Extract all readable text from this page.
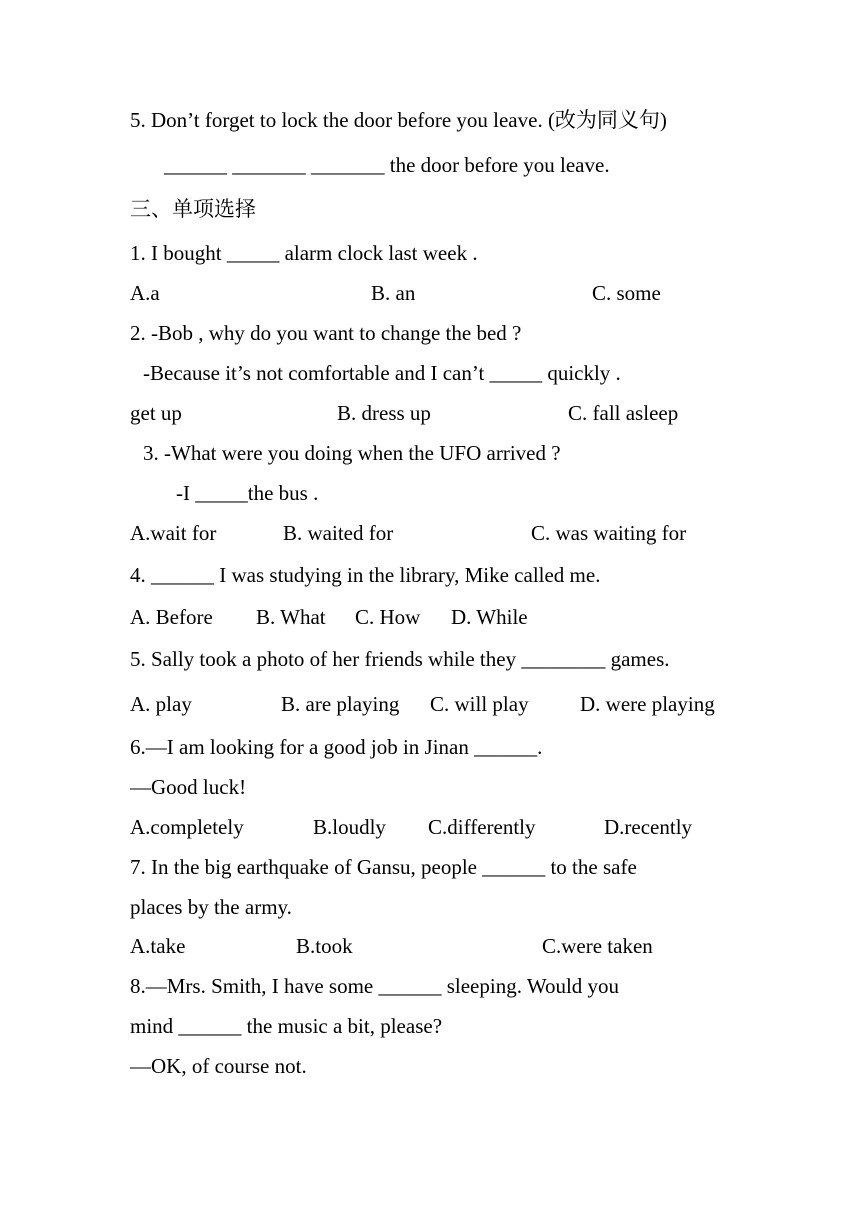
5. Don’t forget to lock the door before you leave. (改为同义句)
______ _______ _______ the door before you leave.
三、单项选择
1. I bought _____ alarm clock last week .
A.a	B. an	C. some
2. -Bob , why do you want to change the bed ?
-Because it’s not comfortable and I can’t _____ quickly .
get up	B. dress up	C. fall asleep
3. -What were you doing when the UFO arrived ?
-I _____the bus .
A.wait for	B. waited for	C. was waiting for
4. ______ I was studying in the library, Mike called me.
A. Before B. What C. How D. While
5. Sally took a photo of her friends while they ________ games.
A. play	B. are playing C. will play D. were playing
6.—I am looking for a good job in Jinan ______.
—Good luck!
A.completely	B.loudly C.differently	D.recently
7. In the big earthquake of Gansu, people ______ to the safe
places by the army.
A.take	B.took	C.were taken
8.—Mrs. Smith, I have some ______ sleeping. Would you
mind ______ the music a bit, please?
—OK, of course not.
